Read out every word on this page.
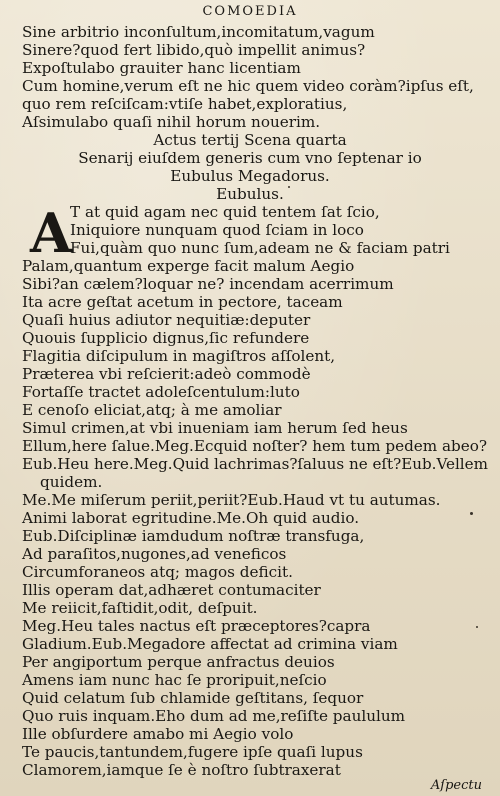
COMOEDIA
A
Sine arbitrio inconſultum,incomitatum,vagum
Sinere?quod fert libido,quò impellit animus?
Expoſtulabo grauiter hanc licentiam
Cum homine,verum eſt ne hic quem video coràm?ipſus eſt,
quo rem reſciſcam:vtiſe habet,exploratius,
Aſsimulabo quaſi nihil horum nouerim.
Actus tertij Scena quarta
Senarij eiuſdem generis cum vno ſeptenar io
Eubulus Megadorus.
Eubulus.
T at quid agam nec quid tentem ſat ſcio,
Iniquiore nunquam quod ſciam in loco
Fui,quàm quo nunc ſum,adeam ne & faciam patri
Palam,quantum experge facit malum Aegio
Sibi?an cælem?loquar ne? incendam acerrimum
Ita acre geſtat acetum in pectore, taceam
Quaſi huius adiutor nequitiæ:deputer
Quouis ſupplicio dignus,ſic refundere
Flagitia diſcipulum in magiſtros aſſolent,
Præterea vbi reſcierit:adeò commodè
Fortaſſe tractet adoleſcentulum:luto
E cenoſo eliciat,atq; à me amoliar
Simul crimen,at vbi inueniam iam herum ſed heus
Ellum,here ſalue.Meg.Ecquid noſter? hem tum pedem abeo?
Eub.Heu here.Meg.Quid lachrimas?ſaluus ne eſt?Eub.Vellem
quidem.
Me.Me miſerum periit,periit?Eub.Haud vt tu autumas.
Animi laborat egritudine.Me.Oh quid audio.
Eub.Diſciplinæ iamdudum noſtræ transfuga,
Ad paraſitos,nugones,ad veneficos
Circumforaneos atq; magos deficit.
Illis operam dat,adhæret contumaciter
Me reiicit,faſtidit,odit, deſpuit.
Meg.Heu tales nactus eſt præceptores?capra
Gladium.Eub.Megadore affectat ad crimina viam
Per angiportum perque anfractus deuios
Amens iam nunc hac ſe proripuit,neſcio
Quid celatum ſub chlamide geſtitans, ſequor
Quo ruis inquam.Eho dum ad me,reſiſte paululum
Ille obſurdere amabo mi Aegio volo
Te paucis,tantundem,fugere ipſe quaſi lupus
Clamorem,iamque ſe è noſtro ſubtraxerat
Aſpectu
